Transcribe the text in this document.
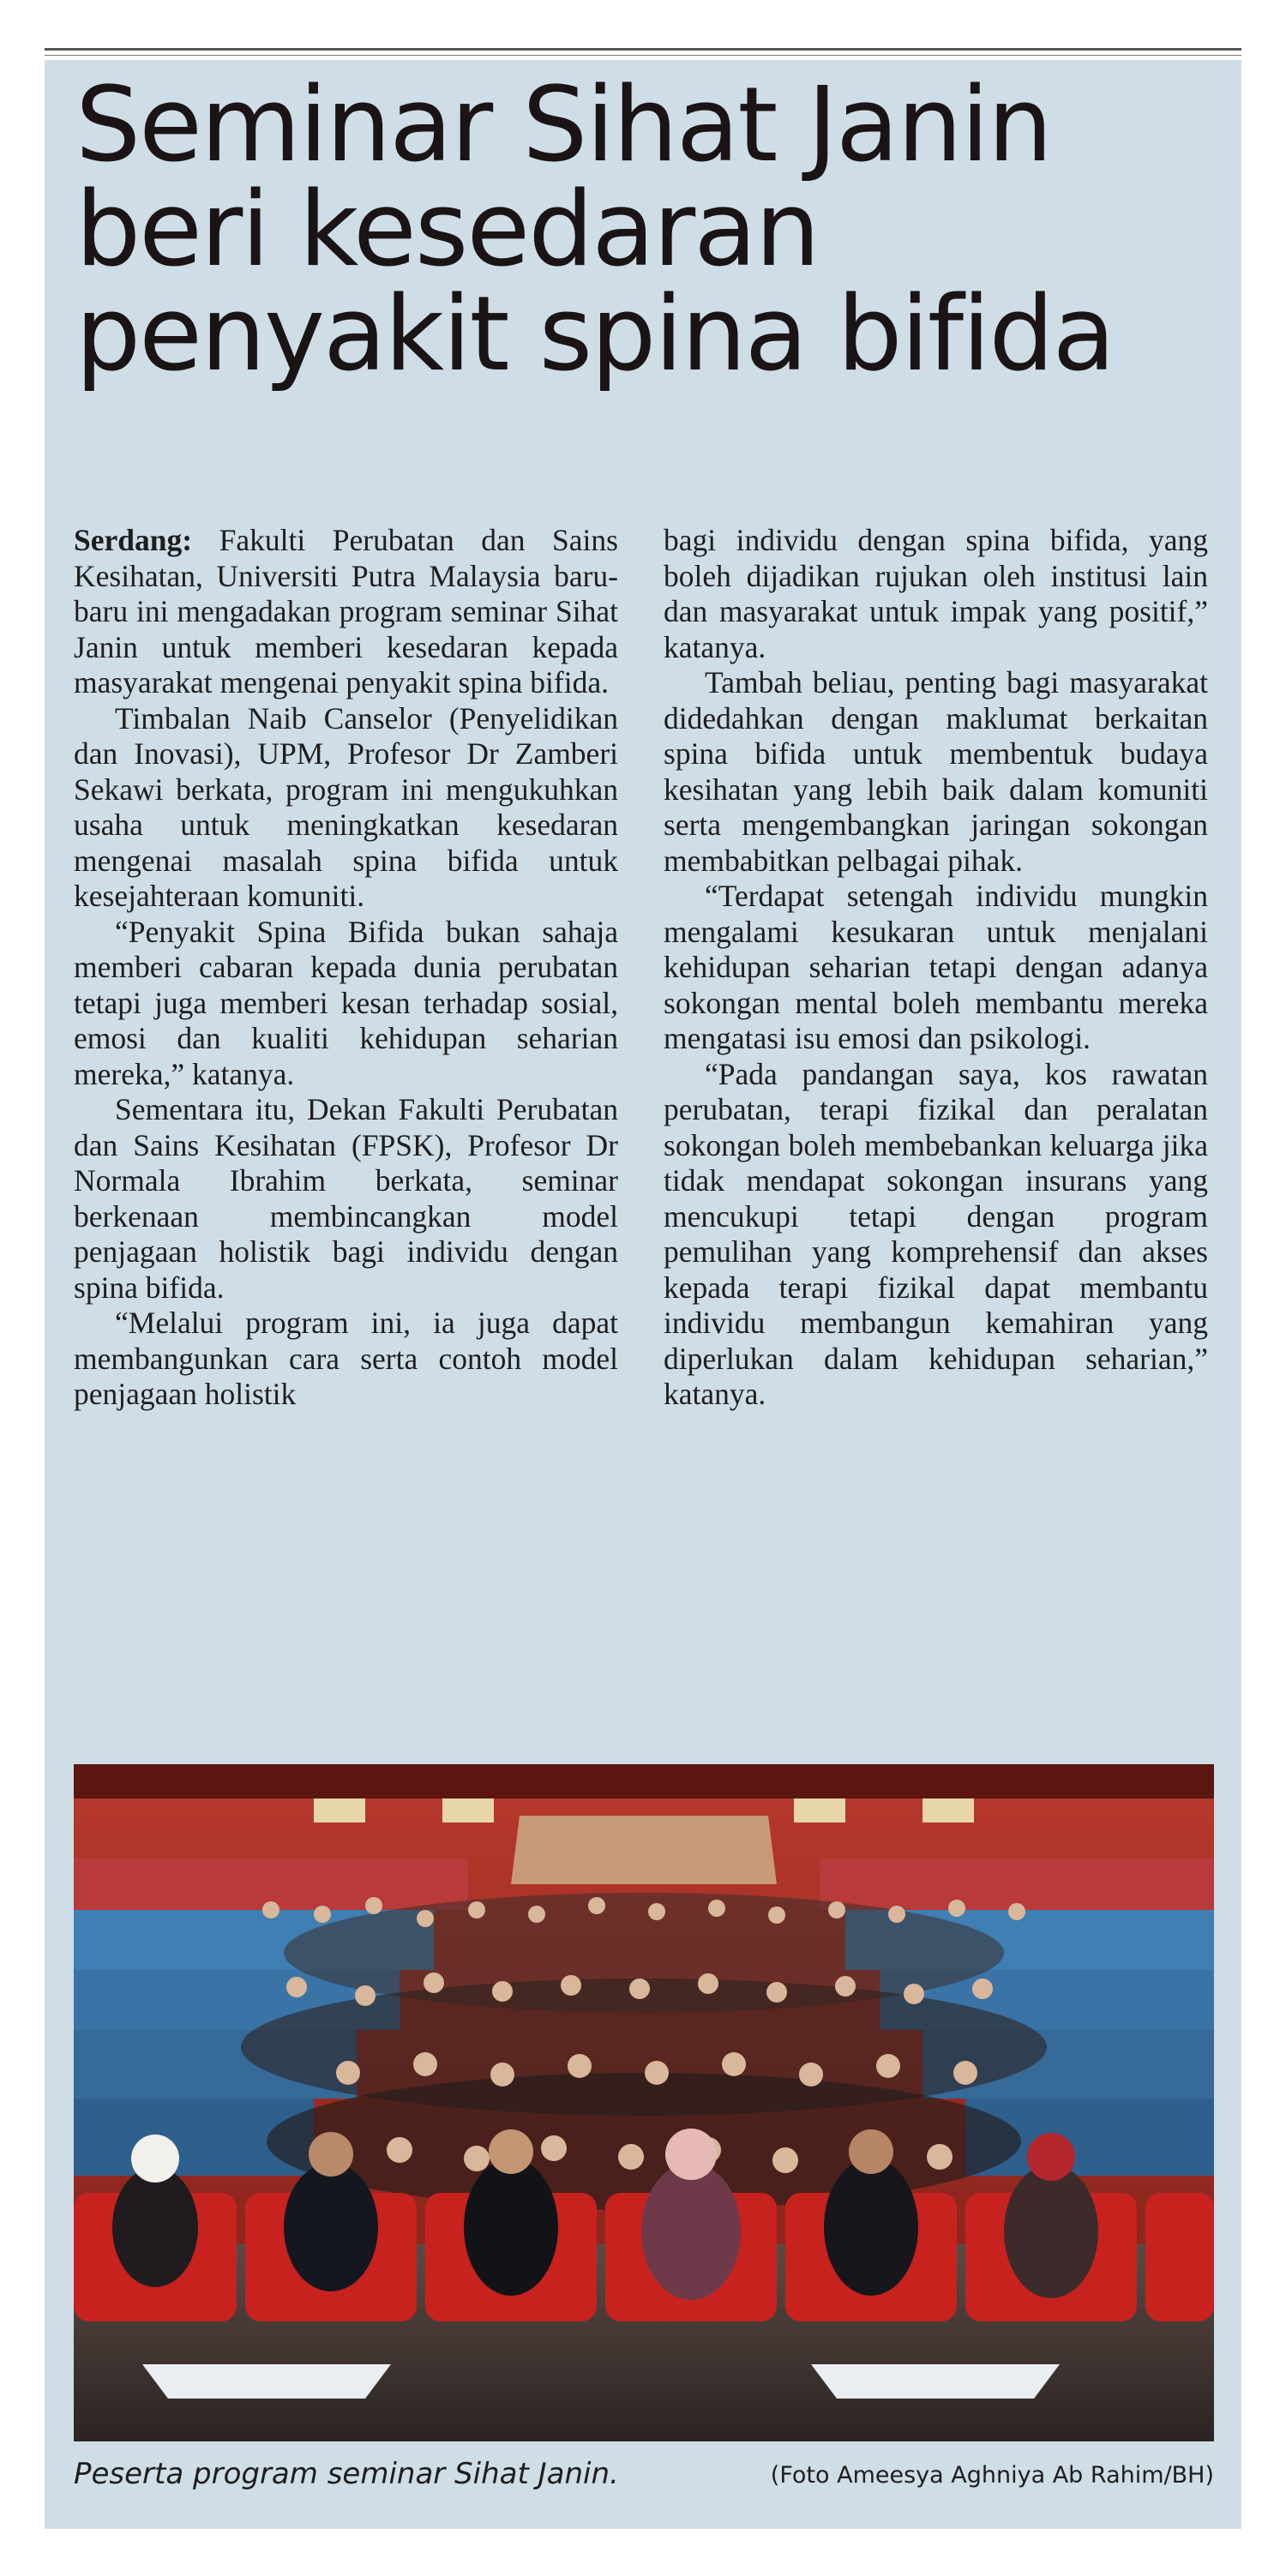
Seminar Sihat Janin
beri kesedaran
penyakit spina bifida

Serdang: Fakulti Perubatan dan Sains Kesihatan, Universiti Putra Malaysia baru-baru ini mengadakan program seminar Sihat Janin untuk memberi kesedaran kepada masyarakat mengenai penyakit spina bifida.

Timbalan Naib Canselor (Penyelidikan dan Inovasi), UPM, Profesor Dr Zamberi Sekawi berkata, program ini mengukuhkan usaha untuk meningkatkan kesedaran mengenai masalah spina bifida untuk kesejahteraan komuniti.

“Penyakit Spina Bifida bukan sahaja memberi cabaran kepada dunia perubatan tetapi juga memberi kesan terhadap sosial, emosi dan kualiti kehidupan seharian mereka,” katanya.

Sementara itu, Dekan Fakulti Perubatan dan Sains Kesihatan (FPSK), Profesor Dr Normala Ibrahim berkata, seminar berkenaan membincangkan model penjagaan holistik bagi individu dengan spina bifida.

“Melalui program ini, ia juga dapat membangunkan cara serta contoh model penjagaan holistik

bagi individu dengan spina bifida, yang boleh dijadikan rujukan oleh institusi lain dan masyarakat untuk impak yang positif,” katanya.

Tambah beliau, penting bagi masyarakat didedahkan dengan maklumat berkaitan spina bifida untuk membentuk budaya kesihatan yang lebih baik dalam komuniti serta mengembangkan jaringan sokongan membabitkan pelbagai pihak.

“Terdapat setengah individu mungkin mengalami kesukaran untuk menjalani kehidupan seharian tetapi dengan adanya sokongan mental boleh membantu mereka mengatasi isu emosi dan psikologi.

“Pada pandangan saya, kos rawatan perubatan, terapi fizikal dan peralatan sokongan boleh membebankan keluarga jika tidak mendapat sokongan insurans yang mencukupi tetapi dengan program pemulihan yang komprehensif dan akses kepada terapi fizikal dapat membantu individu membangun kemahiran yang diperlukan dalam kehidupan seharian,” katanya.

Peserta program seminar Sihat Janin.	(Foto Ameesya Aghniya Ab Rahim/BH)
